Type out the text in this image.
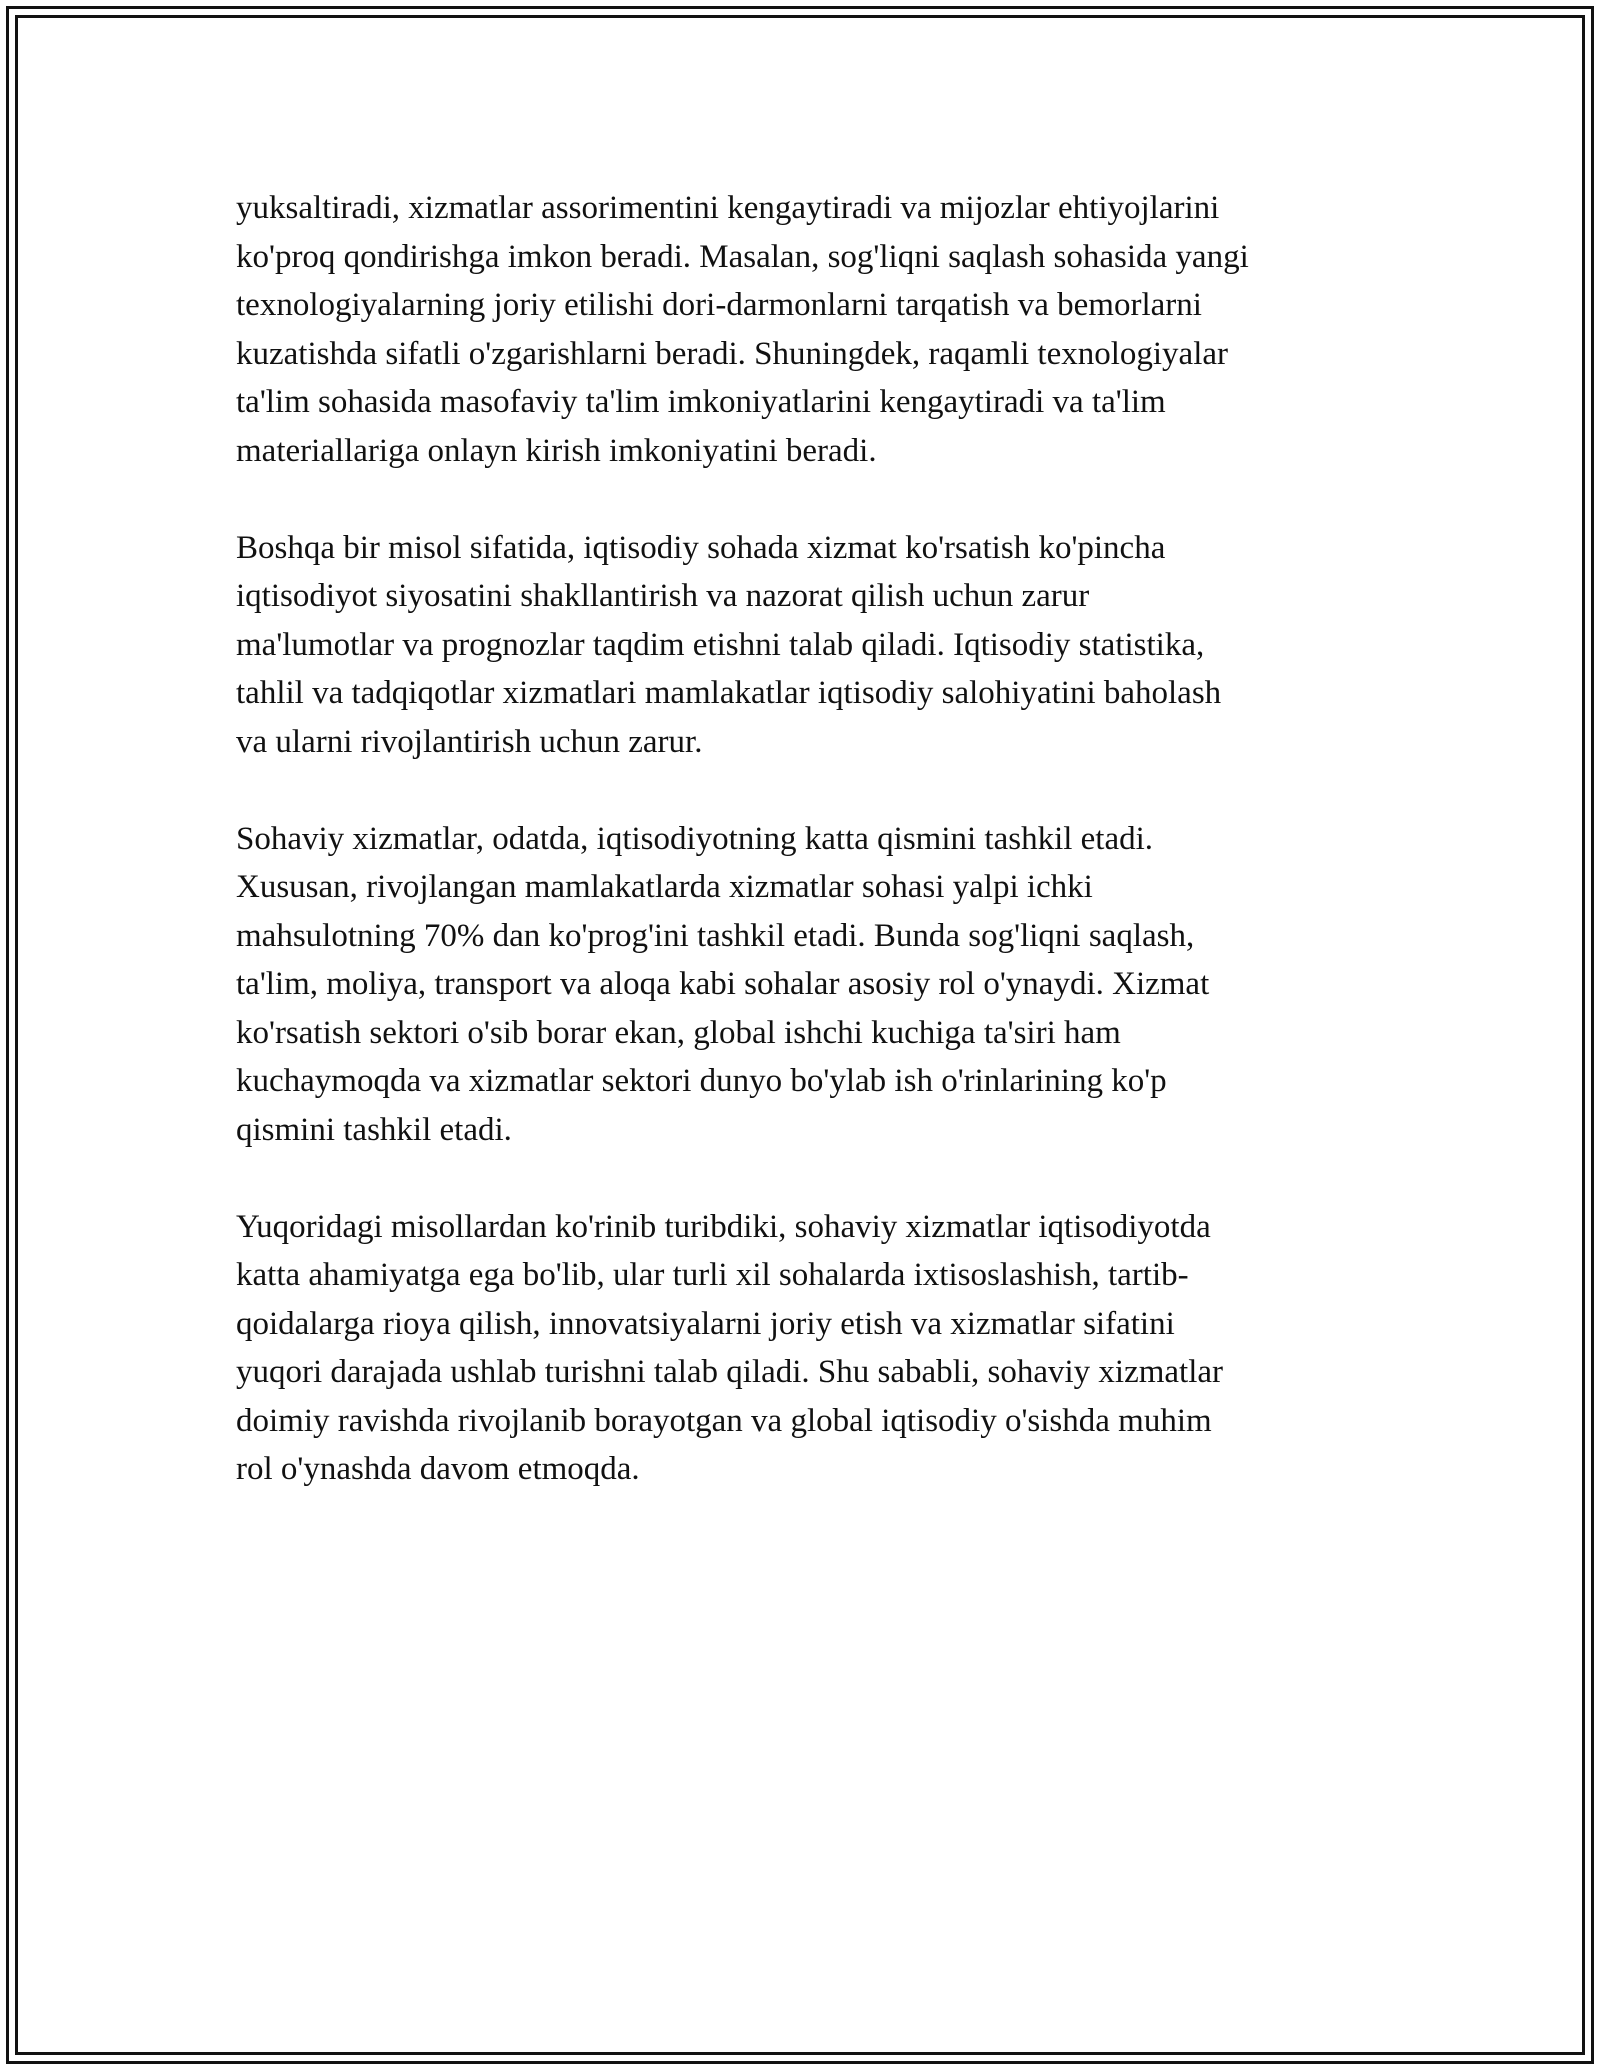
yuksaltiradi, xizmatlar assorimentini kengaytiradi va mijozlar ehtiyojlarini
ko'proq qondirishga imkon beradi. Masalan, sog'liqni saqlash sohasida yangi
texnologiyalarning joriy etilishi dori-darmonlarni tarqatish va bemorlarni
kuzatishda sifatli o'zgarishlarni beradi. Shuningdek, raqamli texnologiyalar
ta'lim sohasida masofaviy ta'lim imkoniyatlarini kengaytiradi va ta'lim
materiallariga onlayn kirish imkoniyatini beradi.
Boshqa bir misol sifatida, iqtisodiy sohada xizmat ko'rsatish ko'pincha
iqtisodiyot siyosatini shakllantirish va nazorat qilish uchun zarur
ma'lumotlar va prognozlar taqdim etishni talab qiladi. Iqtisodiy statistika,
tahlil va tadqiqotlar xizmatlari mamlakatlar iqtisodiy salohiyatini baholash
va ularni rivojlantirish uchun zarur.
Sohaviy xizmatlar, odatda, iqtisodiyotning katta qismini tashkil etadi.
Xususan, rivojlangan mamlakatlarda xizmatlar sohasi yalpi ichki
mahsulotning 70% dan ko'prog'ini tashkil etadi. Bunda sog'liqni saqlash,
ta'lim, moliya, transport va aloqa kabi sohalar asosiy rol o'ynaydi. Xizmat
ko'rsatish sektori o'sib borar ekan, global ishchi kuchiga ta'siri ham
kuchaymoqda va xizmatlar sektori dunyo bo'ylab ish o'rinlarining ko'p
qismini tashkil etadi.
Yuqoridagi misollardan ko'rinib turibdiki, sohaviy xizmatlar iqtisodiyotda
katta ahamiyatga ega bo'lib, ular turli xil sohalarda ixtisoslashish, tartib-
qoidalarga rioya qilish, innovatsiyalarni joriy etish va xizmatlar sifatini
yuqori darajada ushlab turishni talab qiladi. Shu sababli, sohaviy xizmatlar
doimiy ravishda rivojlanib borayotgan va global iqtisodiy o'sishda muhim
rol o'ynashda davom etmoqda.
